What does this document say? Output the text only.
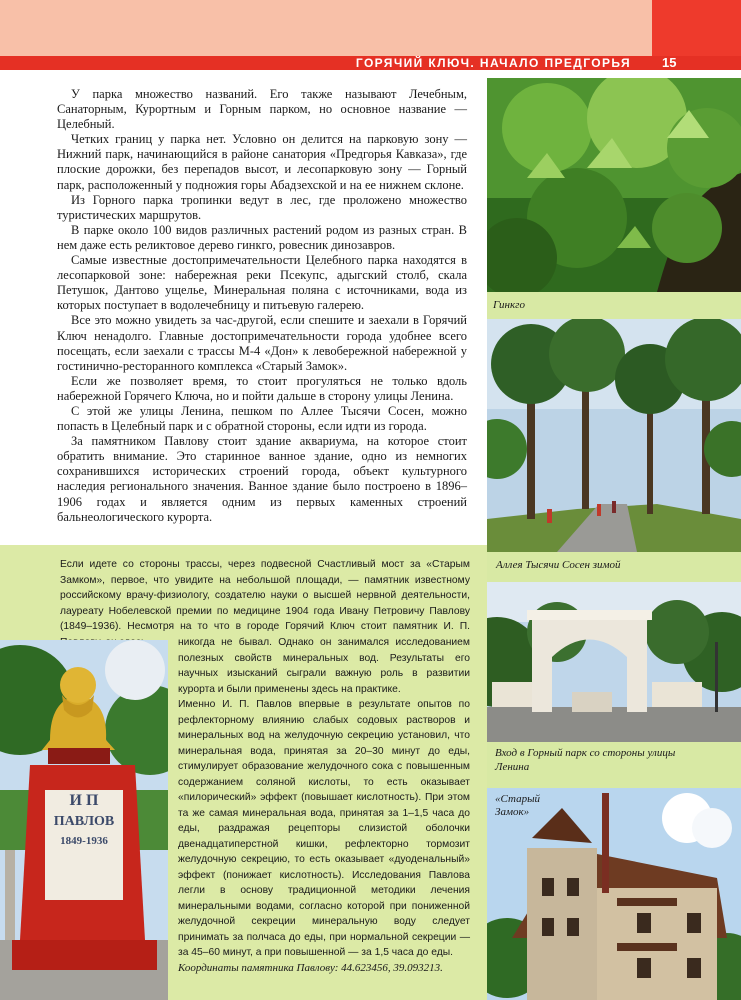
ГОРЯЧИЙ КЛЮЧ. НАЧАЛО ПРЕДГОРЬЯ 15

У парка множество названий. Его также называют Лечебным, Санаторным, Курортным и Горным парком, но основное название — Целебный.

Четких границ у парка нет. Условно он делится на парковую зону — Нижний парк, начинающийся в районе санатория «Предгорья Кавказа», где плоские дорожки, без перепадов высот, и лесопарковую зону — Горный парк, расположенный у подножия горы Абадзехской и на ее нижнем склоне.

Из Горного парка тропинки ведут в лес, где проложено множество туристических маршрутов.

В парке около 100 видов различных растений родом из разных стран. В нем даже есть реликтовое дерево гинкго, ровесник динозавров.

Самые известные достопримечательности Целебного парка находятся в лесопарковой зоне: набережная реки Псекупс, адыгский столб, скала Петушок, Дантово ущелье, Минеральная поляна с источниками, вода из которых поступает в водолечебницу и питьевую галерею.

Все это можно увидеть за час-другой, если спешите и заехали в Горячий Ключ ненадолго. Главные достопримечательности города удобнее всего посещать, если заехали с трассы М-4 «Дон» к левобережной набережной у гостинично-ресторанного комплекса «Старый Замок».

Если же позволяет время, то стоит прогуляться не только вдоль набережной Горячего Ключа, но и пойти дальше в сторону улицы Ленина.

С этой же улицы Ленина, пешком по Аллее Тысячи Сосен, можно попасть в Целебный парк и с обратной стороны, если идти из города.

За памятником Павлову стоит здание аквариума, на которое стоит обратить внимание. Это старинное ванное здание, одно из немногих сохранившихся исторических строений города, объект культурного наследия регионального значения. Ванное здание было построено в 1896–1906 годах и является одним из первых каменных строений бальнеологического курорта.

Гинкго
Аллея Тысячи Сосен зимой
Вход в Горный парк со стороны улицы Ленина
«Старый Замок»

Если идете со стороны трассы, через подвесной Счастливый мост за «Старым Замком», первое, что увидите на небольшой площади, — памятник известному российскому врачу-физиологу, создателю науки о высшей нервной деятельности, лауреату Нобелевской премии по медицине 1904 года Ивану Петровичу Павлову (1849–1936). Несмотря на то что в городе Горячий Ключ стоит памятник И. П.

И П
ПАВЛОВ
1849-1936

никогда не бывал. Однако он занимался исследованием полезных свойств минеральных вод. Результаты его научных изысканий сыграли важную роль в развитии курорта и были применены здесь на практике.

Именно И. П. Павлов впервые в результате опытов по рефлекторному влиянию слабых содовых растворов и минеральных вод на желудочную секрецию установил, что минеральная вода, принятая за 20–30 минут до еды, стимулирует образование желудочного сока с повышенным содержанием соляной кислоты, то есть оказывает «пилорический» эффект (повышает кислотность). При этом та же самая минеральная вода, принятая за 1–1,5 часа до еды, раздражая рецепторы слизистой оболочки двенадцатиперстной кишки, рефлекторно тормозит желудочную секрецию, то есть оказывает «дуоденальный» эффект (понижает кислотность). Исследования Павлова легли в основу традиционной методики лечения минеральными водами, согласно которой при пониженной желудочной секреции минеральную воду следует принимать за полчаса до еды, при нормальной секреции — за 45–60 минут, а при повышенной — за 1,5 часа до еды.

Координаты памятника Павлову: 44.623456, 39.093213.
